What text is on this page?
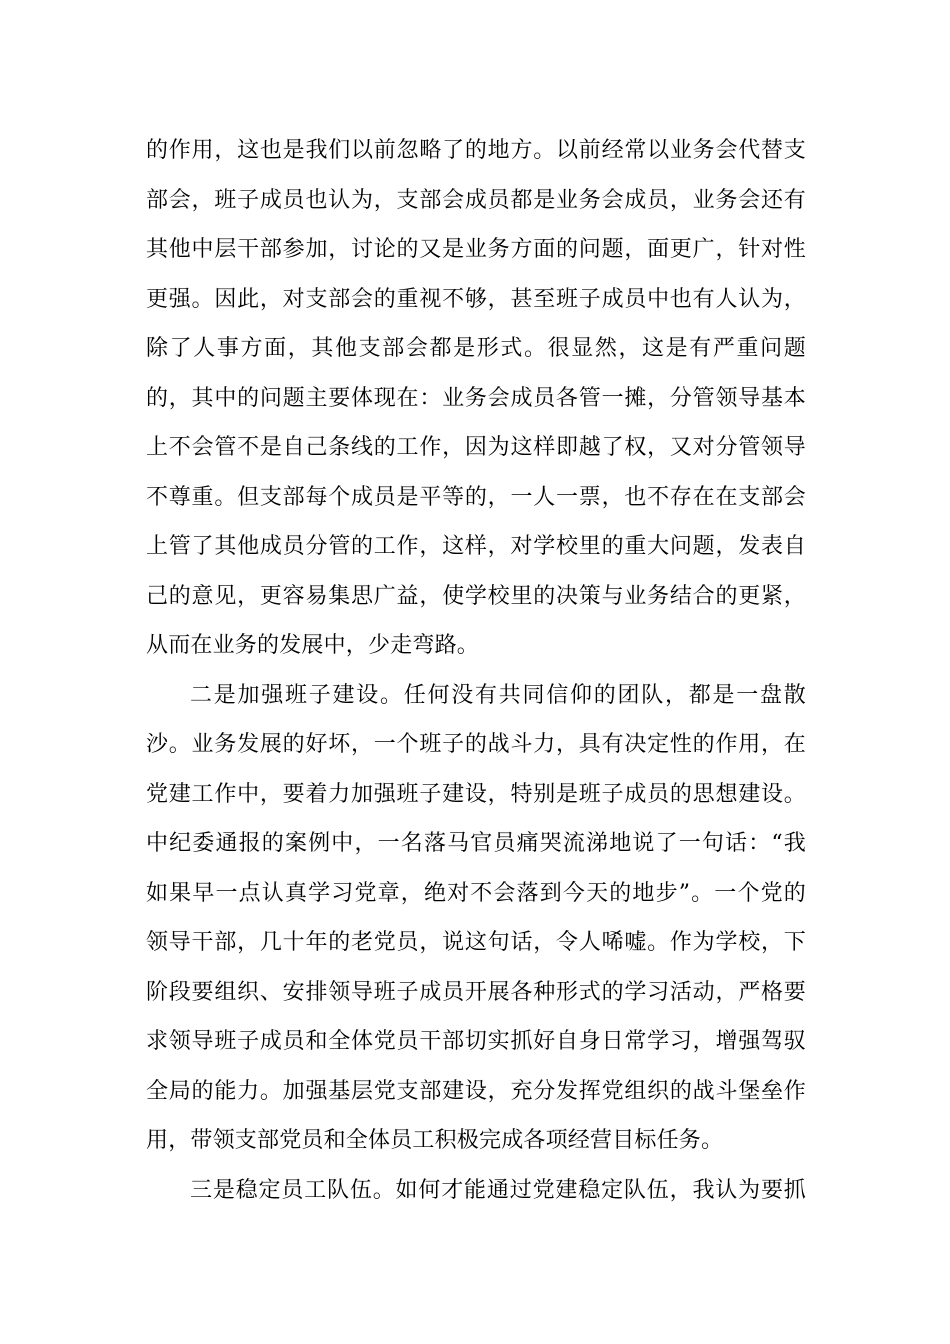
的作用，这也是我们以前忽略了的地方。以前经常以业务会代替支
部会，班子成员也认为，支部会成员都是业务会成员，业务会还有
其他中层干部参加，讨论的又是业务方面的问题，面更广，针对性
更强。因此，对支部会的重视不够，甚至班子成员中也有人认为，
除了人事方面，其他支部会都是形式。很显然，这是有严重问题
的，其中的问题主要体现在：业务会成员各管一摊，分管领导基本
上不会管不是自己条线的工作，因为这样即越了权，又对分管领导
不尊重。但支部每个成员是平等的，一人一票，也不存在在支部会
上管了其他成员分管的工作，这样，对学校里的重大问题，发表自
己的意见，更容易集思广益，使学校里的决策与业务结合的更紧，
从而在业务的发展中，少走弯路。
二是加强班子建设。任何没有共同信仰的团队，都是一盘散
沙。业务发展的好坏，一个班子的战斗力，具有决定性的作用，在
党建工作中，要着力加强班子建设，特别是班子成员的思想建设。
中纪委通报的案例中，一名落马官员痛哭流涕地说了一句话：“我
如果早一点认真学习党章，绝对不会落到今天的地步”。一个党的
领导干部，几十年的老党员，说这句话，令人唏嘘。作为学校，下
阶段要组织、安排领导班子成员开展各种形式的学习活动，严格要
求领导班子成员和全体党员干部切实抓好自身日常学习，增强驾驭
全局的能力。加强基层党支部建设，充分发挥党组织的战斗堡垒作
用，带领支部党员和全体员工积极完成各项经营目标任务。
三是稳定员工队伍。如何才能通过党建稳定队伍，我认为要抓
